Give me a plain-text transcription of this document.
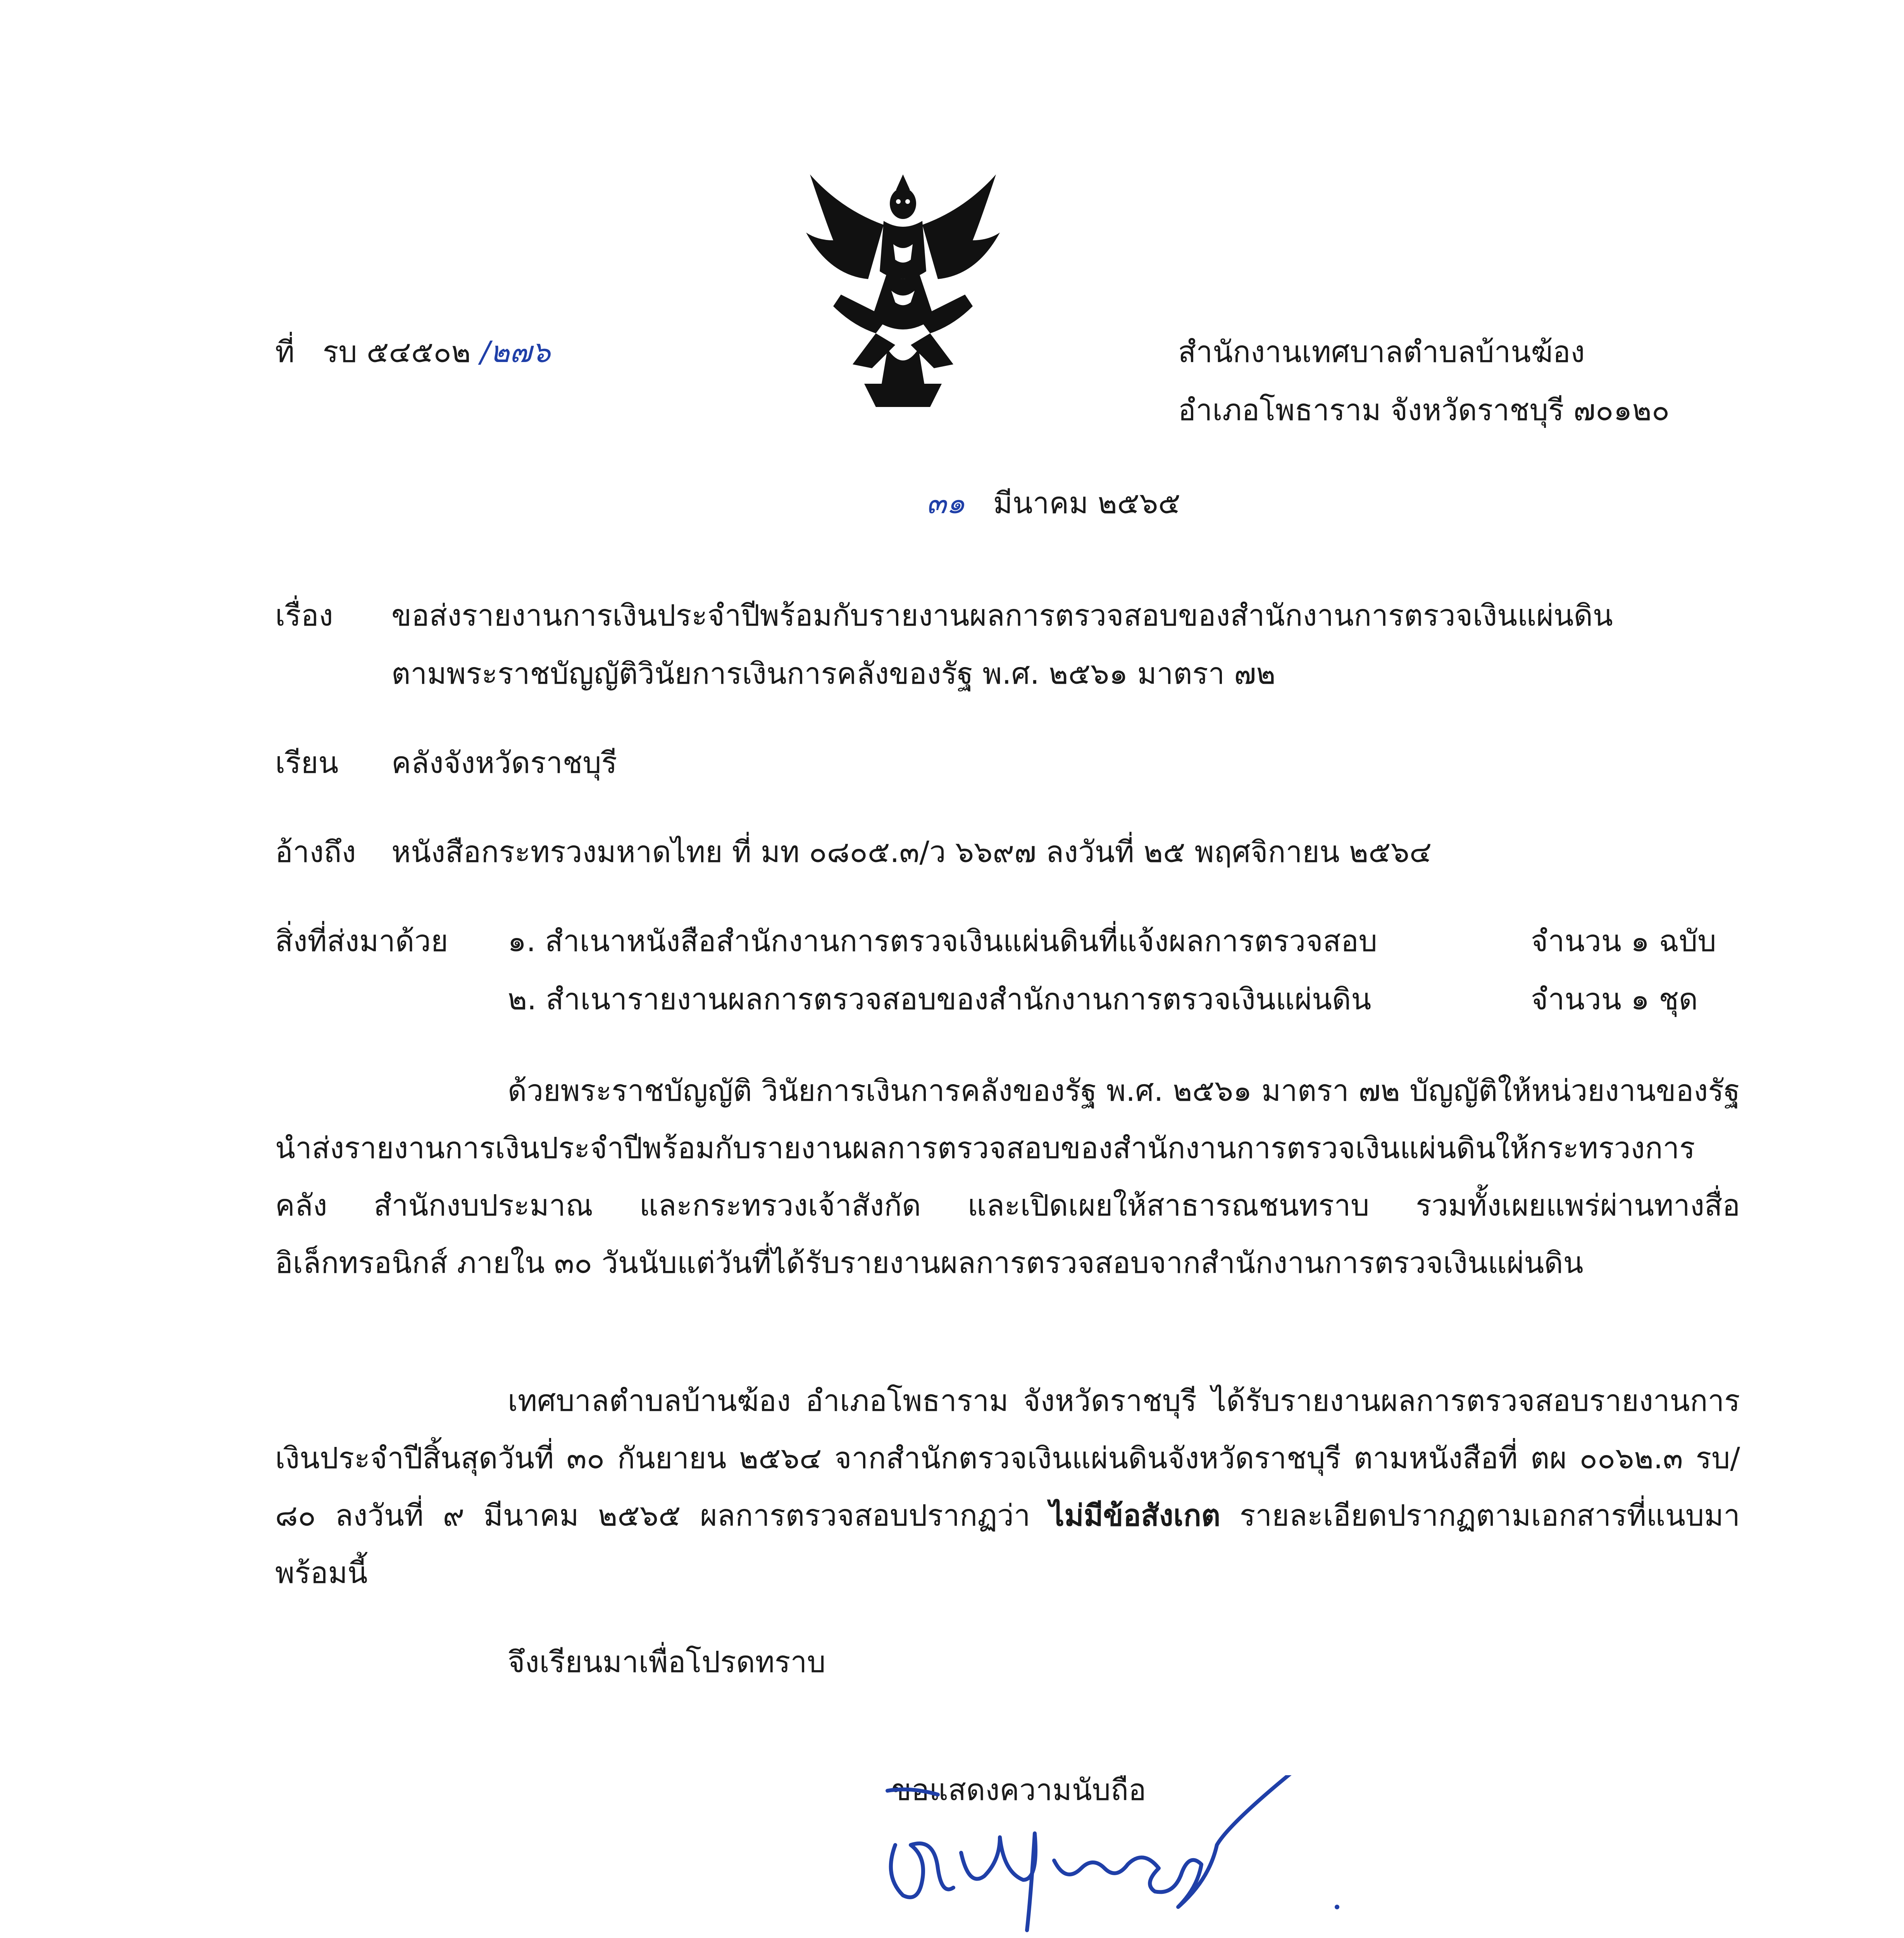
ที่ รบ ๕๔๕๐๒ /๒๗๖	สำนักงานเทศบาลตำบลบ้านฆ้อง
อำเภอโพธาราม จังหวัดราชบุรี ๗๐๑๒๐
๓๑ มีนาคม ๒๕๖๕
เรื่อง ขอส่งรายงานการเงินประจำปีพร้อมกับรายงานผลการตรวจสอบของสำนักงานการตรวจเงินแผ่นดิน
ตามพระราชบัญญัติวินัยการเงินการคลังของรัฐ พ.ศ. ๒๕๖๑ มาตรา ๗๒
เรียน คลังจังหวัดราชบุรี
อ้างถึง หนังสือกระทรวงมหาดไทย ที่ มท ๐๘๐๕.๓/ว ๖๖๙๗ ลงวันที่ ๒๕ พฤศจิกายน ๒๕๖๔
สิ่งที่ส่งมาด้วย ๑. สำเนาหนังสือสำนักงานการตรวจเงินแผ่นดินที่แจ้งผลการตรวจสอบ	จำนวน ๑ ฉบับ
๒. สำเนารายงานผลการตรวจสอบของสำนักงานการตรวจเงินแผ่นดิน	จำนวน ๑ ชุด
ด้วยพระราชบัญญัติ วินัยการเงินการคลังของรัฐ พ.ศ. ๒๕๖๑ มาตรา ๗๒ บัญญัติให้หน่วยงานของรัฐนำส่งรายงานการเงินประจำปีพร้อมกับรายงานผลการตรวจสอบของสำนักงานการตรวจเงินแผ่นดินให้กระทรวงการคลัง สำนักงบประมาณ และกระทรวงเจ้าสังกัด และเปิดเผยให้สาธารณชนทราบ รวมทั้งเผยแพร่ผ่านทางสื่ออิเล็กทรอนิกส์ ภายใน ๓๐ วันนับแต่วันที่ได้รับรายงานผลการตรวจสอบจากสำนักงานการตรวจเงินแผ่นดิน
เทศบาลตำบลบ้านฆ้อง อำเภอโพธาราม จังหวัดราชบุรี ได้รับรายงานผลการตรวจสอบรายงานการเงินประจำปีสิ้นสุดวันที่ ๓๐ กันยายน ๒๕๖๔ จากสำนักตรวจเงินแผ่นดินจังหวัดราชบุรี ตามหนังสือที่ ตผ ๐๐๖๒.๓ รบ/๘๐ ลงวันที่ ๙ มีนาคม ๒๕๖๕ ผลการตรวจสอบปรากฏว่า ไม่มีข้อสังเกต รายละเอียดปรากฏตามเอกสารที่แนบมาพร้อมนี้
จึงเรียนมาเพื่อโปรดทราบ
ขอแสดงความนับถือ
